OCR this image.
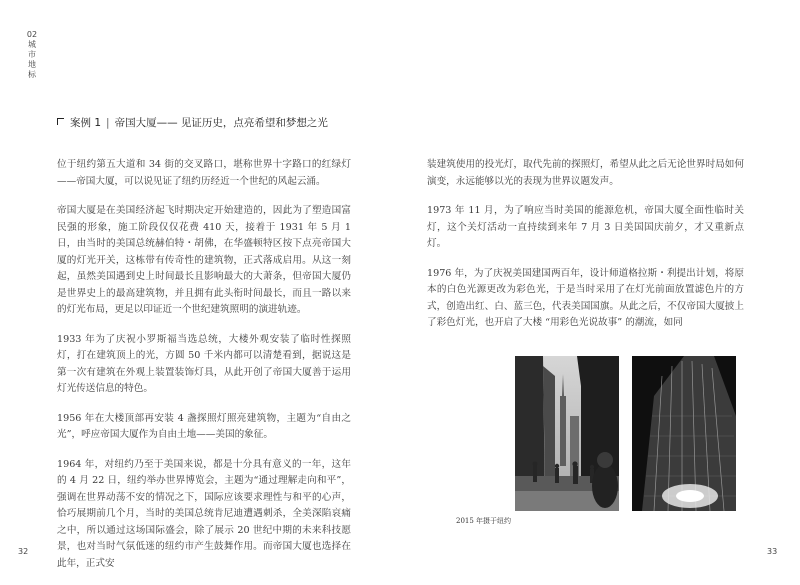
02
城
市
地
标
案例 1 | 帝国大厦—— 见证历史，点亮希望和梦想之光

位于纽约第五大道和 34 街的交叉路口，堪称世界十字路口的红绿灯——帝国大厦，可以说见证了纽约历经近一个世纪的风起云涌。

帝国大厦是在美国经济起飞时期决定开始建造的，因此为了塑造国富民强的形象，施工阶段仅仅花费 410 天，接着于 1931 年 5 月 1 日，由当时的美国总统赫伯特・胡佛，在华盛顿特区按下点亮帝国大厦的灯光开关，这栋带有传奇性的建筑物，正式落成启用。从这一刻起，虽然美国遇到史上时间最长且影响最大的大萧条，但帝国大厦仍是世界史上的最高建筑物，并且拥有此头衔时间最长，而且一路以来的灯光布局，更足以印证近一个世纪建筑照明的演进轨迹。

1933 年为了庆祝小罗斯福当选总统，大楼外观安装了临时性探照灯，打在建筑顶上的光，方圆 50 千米内都可以清楚看到，据说这是第一次有建筑在外观上装置装饰灯具，从此开创了帝国大厦善于运用灯光传送信息的特色。

1956 年在大楼顶部再安装 4 盏探照灯照亮建筑物，主题为“自由之光”，呼应帝国大厦作为自由土地——美国的象征。

1964 年，对纽约乃至于美国来说，都是十分具有意义的一年，这年的 4 月 22 日，纽约举办世界博览会，主题为“通过理解走向和平”，强调在世界动荡不安的情况之下，国际应该要求理性与和平的心声，恰巧展期前几个月，当时的美国总统肯尼迪遭遇刺杀，全美深陷哀痛之中，所以通过这场国际盛会，除了展示 20 世纪中期的未来科技愿景，也对当时气氛低迷的纽约市产生鼓舞作用。而帝国大厦也选择在此年，正式安

32

装建筑使用的投光灯，取代先前的探照灯，希望从此之后无论世界时局如何演变，永远能够以光的表现为世界议题发声。

1973 年 11 月，为了响应当时美国的能源危机，帝国大厦全面性临时关灯，这个关灯活动一直持续到来年 7 月 3 日美国国庆前夕，才又重新点灯。

1976 年，为了庆祝美国建国两百年，设计师道格拉斯・利提出计划，将原本的白色光源更改为彩色光，于是当时采用了在灯光前面放置滤色片的方式，创造出红、白、蓝三色，代表美国国旗。从此之后，不仅帝国大厦披上了彩色灯光，也开启了大楼 “用彩色光说故事” 的潮流，如同

33
2015 年摄于纽约
